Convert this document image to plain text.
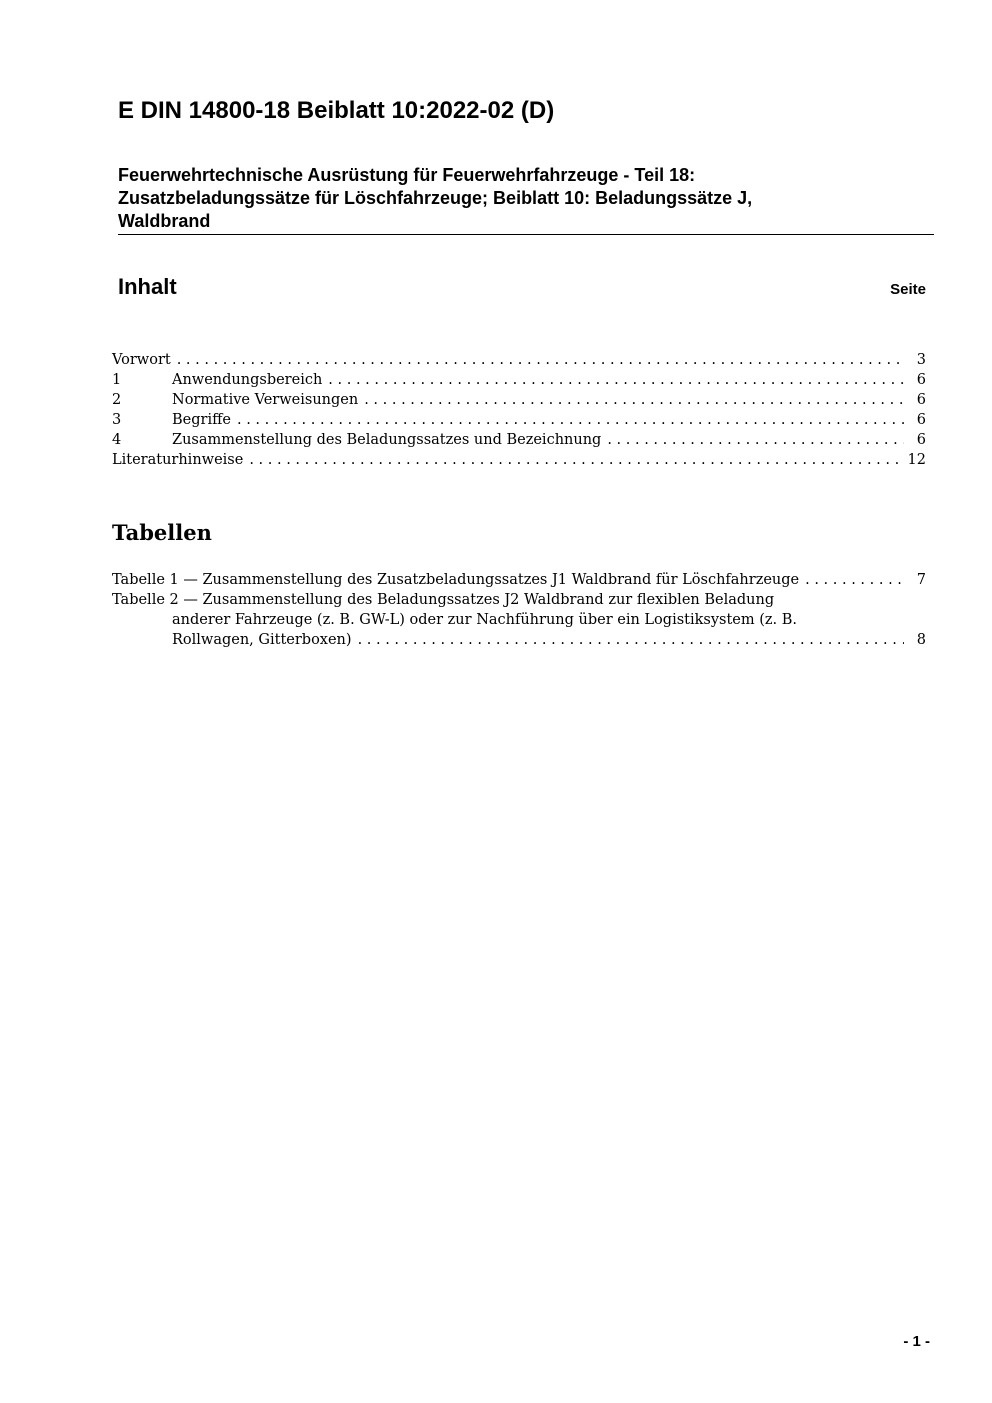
E DIN 14800-18 Beiblatt 10:2022-02 (D)
Feuerwehrtechnische Ausrüstung für Feuerwehrfahrzeuge - Teil 18:
Zusatzbeladungssätze für Löschfahrzeuge; Beiblatt 10: Beladungssätze J,
Waldbrand
Inhalt	Seite
Vorwort . . .	3
1	Anwendungsbereich . . .	6
2	Normative Verweisungen . . .	6
3	Begriffe . . .	6
4	Zusammenstellung des Beladungssatzes und Bezeichnung . . .	6
Literaturhinweise . . .	12
Tabellen
Tabelle 1 — Zusammenstellung des Zusatzbeladungssatzes J1 Waldbrand für Löschfahrzeuge . . .	7
Tabelle 2 — Zusammenstellung des Beladungssatzes J2 Waldbrand zur flexiblen Beladung
anderer Fahrzeuge (z. B. GW-L) oder zur Nachführung über ein Logistiksystem (z. B.
Rollwagen, Gitterboxen) . . .	8
- 1 -
